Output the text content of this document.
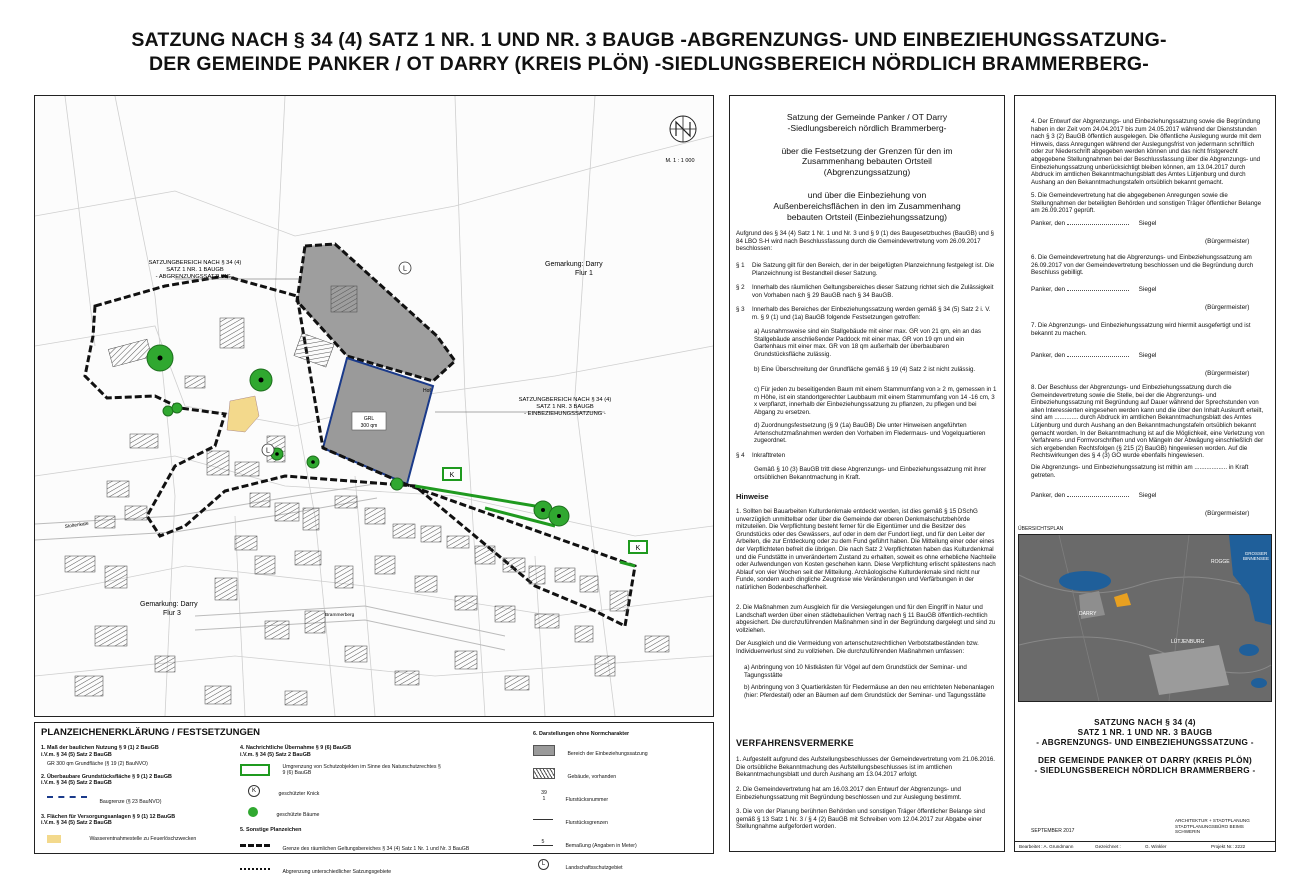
SATZUNG NACH § 34 (4) SATZ 1 NR. 1 UND NR. 3 BAUGB -ABGRENZUNGS- UND EINBEZIEHUNGSSATZUNG-
DER GEMEINDE PANKER / OT DARRY (KREIS PLÖN) -SIEDLUNGSBEREICH NÖRDLICH BRAMMERBERG-
GRL
300 qm
K
K
L
L
M. 1 : 1 000
Gemarkung: Darry
Flur 1
Gemarkung: Darry
Flur 3
SATZUNGBEREICH NACH § 34 (4)
SATZ 1 NR. 1 BAUGB
- ABGRENZUNGSSATZUNG -
SATZUNGBEREICH NACH § 34 (4)
SATZ 1 NR. 3 BAUGB
- EINBEZIEHUNGSSATZUNG -
Hof
Stoltenkate
Brammerberg
PLANZEICHENERKLÄRUNG / FESTSETZUNGEN
1. Maß der baulichen Nutzung § 9 (1) 2 BauGB
i.V.m. § 34 (5) Satz 2 BauGB
GR 300 qm Grundfläche (§ 19 (2) BauNVO)
2. Überbaubare Grundstücksfläche § 9 (1) 2 BauGB
i.V.m. § 34 (5) Satz 2 BauGB
Baugrenze (§ 23 BauNVO)
3. Flächen für Versorgungsanlagen § 9 (1) 12 BauGB
i.V.m. § 34 (5) Satz 2 BauGB
Wasserentnahmestelle zu Feuerlöschzwecken
4. Nachrichtliche Übernahme § 9 (6) BauGB
i.V.m. § 34 (5) Satz 2 BauGB
Umgrenzung von Schutzobjekten im Sinne des Naturschutzrechtes § 9 (6) BauGB
K geschützter Knick
geschützte Bäume
5. Sonstige Planzeichen
Grenze des räumlichen Geltungsbereiches § 34 (4) Satz 1 Nr. 1 und Nr. 3 BauGB
Abgrenzung unterschiedlicher Satzungsgebiete
6. Darstellungen ohne Normcharakter
Bereich der Einbeziehungssatzung
Gebäude, vorhanden
39
1	Flurstücksnummer
Flurstücksgrenzen
5 Bemaßung (Angaben in Meter)
L Landschaftsschutzgebiet
Satzung der Gemeinde Panker / OT Darry
-Siedlungsbereich nördlich Brammerberg-
über die Festsetzung der Grenzen für den im
Zusammenhang bebauten Ortsteil
(Abgrenzungssatzung)
und über die Einbeziehung von
Außenbereichsflächen in den im Zusammenhang
bebauten Ortsteil (Einbeziehungssatzung)
Aufgrund des § 34 (4) Satz 1 Nr. 1 und Nr. 3 und § 9 (1) des Baugesetzbuches (BauGB) und § 84 LBO S-H wird nach Beschlussfassung durch die Gemeindevertretung vom 26.09.2017 beschlossen:
§ 1 Die Satzung gilt für den Bereich, der in der beigefügten Planzeichnung festgelegt ist. Die Planzeichnung ist Bestandteil dieser Satzung.
§ 2 Innerhalb des räumlichen Geltungsbereiches dieser Satzung richtet sich die Zulässigkeit von Vorhaben nach § 29 BauGB nach § 34 BauGB.
§ 3 Innerhalb des Bereiches der Einbeziehungssatzung werden gemäß § 34 (5) Satz 2 i. V. m. § 9 (1) und (1a) BauGB folgende Festsetzungen getroffen:
a) Ausnahmsweise sind ein Stallgebäude mit einer max. GR von 21 qm, ein an das Stallgebäude anschließender Paddock mit einer max. GR von 19 qm und ein Gartenhaus mit einer max. GR von 18 qm außerhalb der überbaubaren Grundstücksfläche zulässig.
b) Eine Überschreitung der Grundfläche gemäß § 19 (4) Satz 2 ist nicht zulässig.
c) Für jeden zu beseitigenden Baum mit einem Stammumfang von ≥ 2 m, gemessen in 1 m Höhe, ist ein standortgerechter Laubbaum mit einem Stammumfang von 14 -16 cm, 3 x verpflanzt, innerhalb der Einbeziehungssatzung zu pflanzen, zu pflegen und bei Abgang zu ersetzen.
d) Zuordnungsfestsetzung (§ 9 (1a) BauGB) Die unter Hinweisen angeführten Artenschutzmaßnahmen werden den Vorhaben im Fledermaus- und Vogelquartieren zugeordnet.
§ 4 Inkrafttreten
Gemäß § 10 (3) BauGB tritt diese Abgrenzungs- und Einbeziehungssatzung mit ihrer ortsüblichen Bekanntmachung in Kraft.
Hinweise
1. Sollten bei Bauarbeiten Kulturdenkmale entdeckt werden, ist dies gemäß § 15 DSchG unverzüglich unmittelbar oder über die Gemeinde der oberen Denkmalschutzbehörde mitzuteilen. Die Verpflichtung besteht ferner für die Eigentümer und die Besitzer des Grundstücks oder des Gewässers, auf oder in dem der Fundort liegt, und für den Leiter der Arbeiten, die zur Entdeckung oder zu dem Fund geführt haben. Die Mitteilung einer oder eines der Verpflichteten befreit die übrigen. Die nach Satz 2 Verpflichteten haben das Kulturdenkmal und die Fundstätte in unverändertem Zustand zu erhalten, soweit es ohne erhebliche Nachteile oder Aufwendungen von Kosten geschehen kann. Diese Verpflichtung erlischt spätestens nach Ablauf von vier Wochen seit der Mitteilung. Archäologische Kulturdenkmale sind nicht nur Funde, sondern auch dingliche Zeugnisse wie Veränderungen und Verfärbungen in der natürlichen Bodenbeschaffenheit.
2. Die Maßnahmen zum Ausgleich für die Versiegelungen und für den Eingriff in Natur und Landschaft werden über einen städtebaulichen Vertrag nach § 11 BauGB öffentlich-rechtlich abgesichert. Die durchzuführenden Maßnahmen sind in der Begründung dargelegt und sind zu vollziehen.
Der Ausgleich und die Vermeidung von artenschutzrechtlichen Verbotstatbeständen bzw. Individuenverlust sind zu vollziehen. Die durchzuführenden Maßnahmen umfassen:
a) Anbringung von 10 Nistkästen für Vögel auf dem Grundstück der Seminar- und Tagungsstätte
b) Anbringung von 3 Quartierkästen für Fledermäuse an den neu errichteten Nebenanlagen (hier: Pferdestall) oder an Bäumen auf dem Grundstück der Seminar- und Tagungsstätte
VERFAHRENSVERMERKE
1. Aufgestellt aufgrund des Aufstellungsbeschlusses der Gemeindevertretung vom 21.06.2016. Die ortsübliche Bekanntmachung des Aufstellungsbeschlusses ist im amtlichen Bekanntmachungsblatt und durch Aushang am 13.04.2017 erfolgt.
2. Die Gemeindevertretung hat am 16.03.2017 den Entwurf der Abgrenzungs- und Einbeziehungssatzung mit Begründung beschlossen und zur Auslegung bestimmt.
3. Die von der Planung berührten Behörden und sonstigen Träger öffentlicher Belange sind gemäß § 13 Satz 1 Nr. 3 / § 4 (2) BauGB mit Schreiben vom 12.04.2017 zur Abgabe einer Stellungnahme aufgefordert worden.
4. Der Entwurf der Abgrenzungs- und Einbeziehungssatzung sowie die Begründung haben in der Zeit vom 24.04.2017 bis zum 24.05.2017 während der Dienststunden nach § 3 (2) BauGB öffentlich ausgelegen. Die öffentliche Auslegung wurde mit dem Hinweis, dass Anregungen während der Auslegungsfrist von jedermann schriftlich oder zur Niederschrift abgegeben werden können und das nicht fristgerecht abgegebene Stellungnahmen bei der Beschlussfassung über die Abgrenzungs- und Einbeziehungssatzung unberücksichtigt bleiben können, am 13.04.2017 durch Abdruck im amtlichen Bekanntmachungsblatt des Amtes Lütjenburg und durch Aushang an den Bekanntmachungstafeln ortsüblich bekannt gemacht.
5. Die Gemeindevertretung hat die abgegebenen Anregungen sowie die Stellungnahmen der beteiligten Behörden und sonstigen Träger öffentlicher Belange am 26.09.2017 geprüft.
Panker, den	Siegel
(Bürgermeister)
6. Die Gemeindevertretung hat die Abgrenzungs- und Einbeziehungssatzung am 26.09.2017 von der Gemeindevertretung beschlossen und die Begründung durch Beschluss gebilligt.
Panker, den	Siegel
(Bürgermeister)
7. Die Abgrenzungs- und Einbeziehungssatzung wird hiermit ausgefertigt und ist bekannt zu machen.
Panker, den	Siegel
(Bürgermeister)
8. Der Beschluss der Abgrenzungs- und Einbeziehungssatzung durch die Gemeindevertretung sowie die Stelle, bei der die Abgrenzungs- und Einbeziehungssatzung mit Begründung auf Dauer während der Sprechstunden von allen Interessierten eingesehen werden kann und die über den Inhalt Auskunft erteilt, sind am .............. durch Abdruck im amtlichen Bekanntmachungsblatt des Amtes Lütjenburg und durch Aushang an den Bekanntmachungstafeln ortsüblich bekannt gemacht worden. In der Bekanntmachung ist auf die Möglichkeit, eine Verletzung von Verfahrens- und Formvorschriften und von Mängeln der Abwägung einschließlich der sich ergebenden Rechtsfolgen (§ 215 (2) BauGB) hingewiesen worden. Auf die Rechtswirkungen des § 4 (3) GO wurde ebenfalls hingewiesen.
Die Abgrenzungs- und Einbeziehungssatzung ist mithin am ................... in Kraft getreten.
Panker, den	Siegel
(Bürgermeister)
ÜBERSICHTSPLAN
GROSSER BINNENSEE
DARRY
LÜTJENBURG
ROGGE
SATZUNG NACH § 34 (4)
SATZ 1 NR. 1 UND NR. 3 BAUGB
- ABGRENZUNGS- UND EINBEZIEHUNGSSATZUNG -
DER GEMEINDE PANKER OT DARRY (KREIS PLÖN)
- SIEDLUNGSBEREICH NÖRDLICH BRAMMERBERG -
SEPTEMBER 2017
ARCHITEKTUR + STADTPLANUNG
STADTPLANUNGSBÜRO BEIMS
SCHWERIN
Bearbeitet : A. Grundmann	Gezeichnet :	G. Winkler	Projekt Nr.: 2222
